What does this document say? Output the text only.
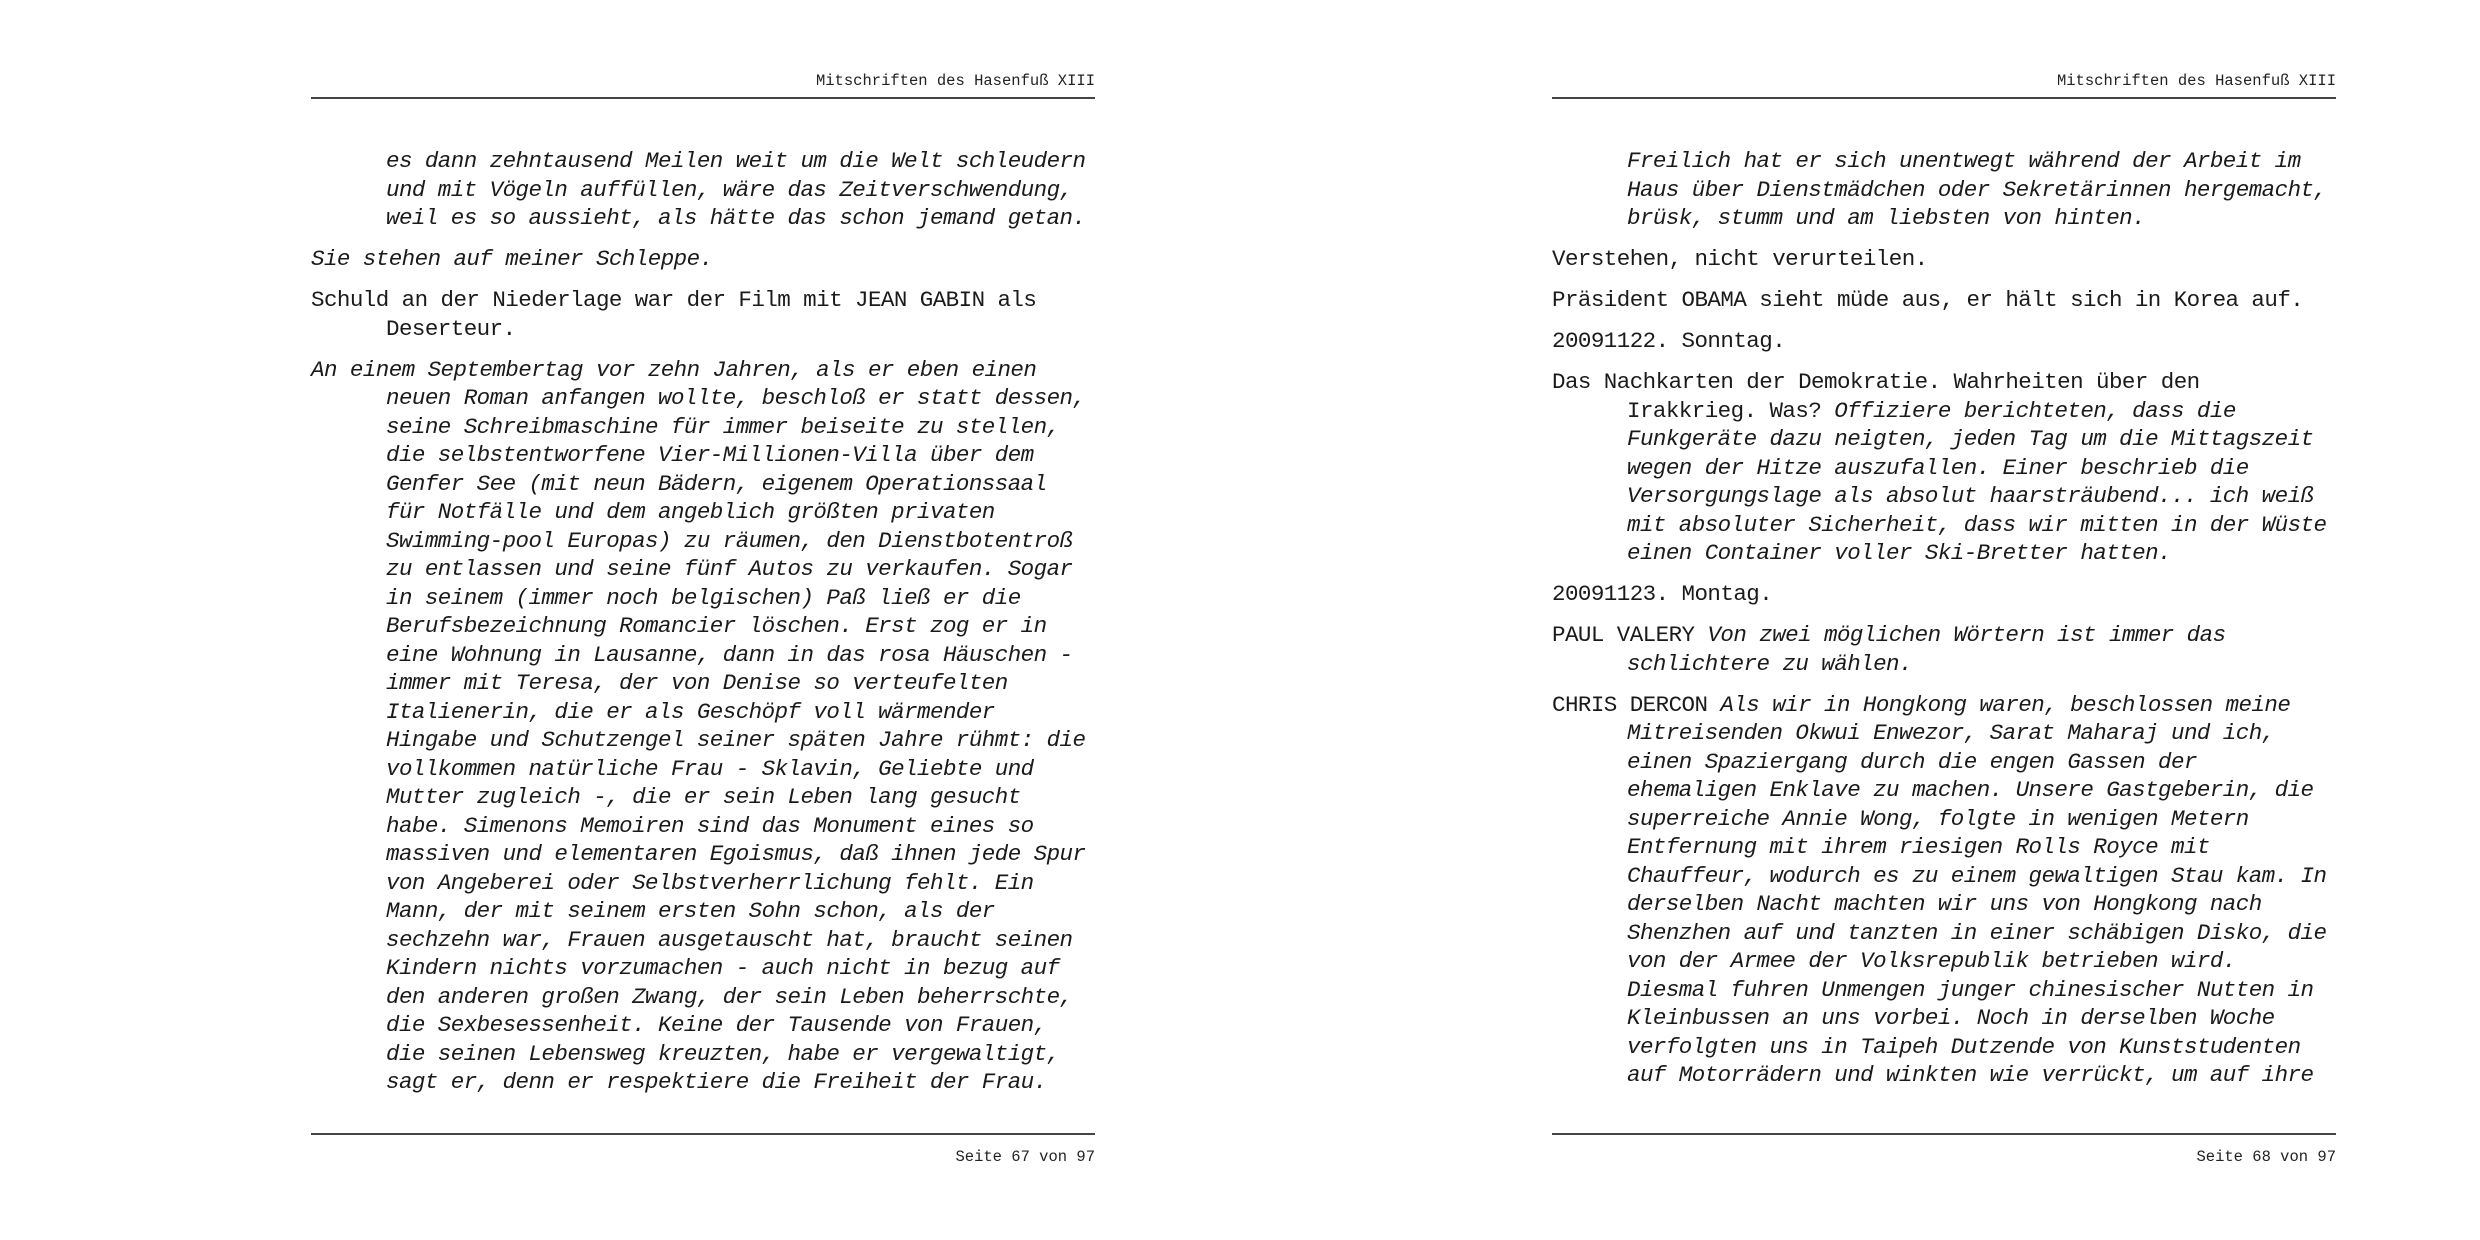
Mitschriften des Hasenfuß XIII

es dann zehntausend Meilen weit um die Welt schleudern und mit Vögeln auffüllen, wäre das Zeitverschwendung, weil es so aussieht, als hätte das schon jemand getan.

Sie stehen auf meiner Schleppe.

Schuld an der Niederlage war der Film mit JEAN GABIN als Deserteur.

An einem Septembertag vor zehn Jahren, als er eben einen neuen Roman anfangen wollte, beschloß er statt dessen, seine Schreibmaschine für immer beiseite zu stellen, die selbstentworfene Vier-Millionen-Villa über dem Genfer See (mit neun Bädern, eigenem Operationssaal für Notfälle und dem angeblich größten privaten Swimming-pool Europas) zu räumen, den Dienstbotentroß zu entlassen und seine fünf Autos zu verkaufen. Sogar in seinem (immer noch belgischen) Paß ließ er die Berufsbezeichnung Romancier löschen. Erst zog er in eine Wohnung in Lausanne, dann in das rosa Häuschen - immer mit Teresa, der von Denise so verteufelten Italienerin, die er als Geschöpf voll wärmender Hingabe und Schutzengel seiner späten Jahre rühmt: die vollkommen natürliche Frau - Sklavin, Geliebte und Mutter zugleich -, die er sein Leben lang gesucht habe. Simenons Memoiren sind das Monument eines so massiven und elementaren Egoismus, daß ihnen jede Spur von Angeberei oder Selbstverherrlichung fehlt. Ein Mann, der mit seinem ersten Sohn schon, als der sechzehn war, Frauen ausgetauscht hat, braucht seinen Kindern nichts vorzumachen - auch nicht in bezug auf den anderen großen Zwang, der sein Leben beherrschte, die Sexbesessenheit. Keine der Tausende von Frauen, die seinen Lebensweg kreuzten, habe er vergewaltigt, sagt er, denn er respektiere die Freiheit der Frau.

Seite 67 von 97
Mitschriften des Hasenfuß XIII

Freilich hat er sich unentwegt während der Arbeit im Haus über Dienstmädchen oder Sekretärinnen hergemacht, brüsk, stumm und am liebsten von hinten.

Verstehen, nicht verurteilen.

Präsident OBAMA sieht müde aus, er hält sich in Korea auf.

20091122. Sonntag.

Das Nachkarten der Demokratie. Wahrheiten über den Irakkrieg. Was? Offiziere berichteten, dass die Funkgeräte dazu neigten, jeden Tag um die Mittagszeit wegen der Hitze auszufallen. Einer beschrieb die Versorgungslage als absolut haarsträubend... ich weiß mit absoluter Sicherheit, dass wir mitten in der Wüste einen Container voller Ski-Bretter hatten.

20091123. Montag.

PAUL VALERY Von zwei möglichen Wörtern ist immer das schlichtere zu wählen.

CHRIS DERCON Als wir in Hongkong waren, beschlossen meine Mitreisenden Okwui Enwezor, Sarat Maharaj und ich, einen Spaziergang durch die engen Gassen der ehemaligen Enklave zu machen. Unsere Gastgeberin, die superreiche Annie Wong, folgte in wenigen Metern Entfernung mit ihrem riesigen Rolls Royce mit Chauffeur, wodurch es zu einem gewaltigen Stau kam. In derselben Nacht machten wir uns von Hongkong nach Shenzhen auf und tanzten in einer schäbigen Disko, die von der Armee der Volksrepublik betrieben wird. Diesmal fuhren Unmengen junger chinesischer Nutten in Kleinbussen an uns vorbei. Noch in derselben Woche verfolgten uns in Taipeh Dutzende von Kunststudenten auf Motorrädern und winkten wie verrückt, um auf ihre

Seite 68 von 97
